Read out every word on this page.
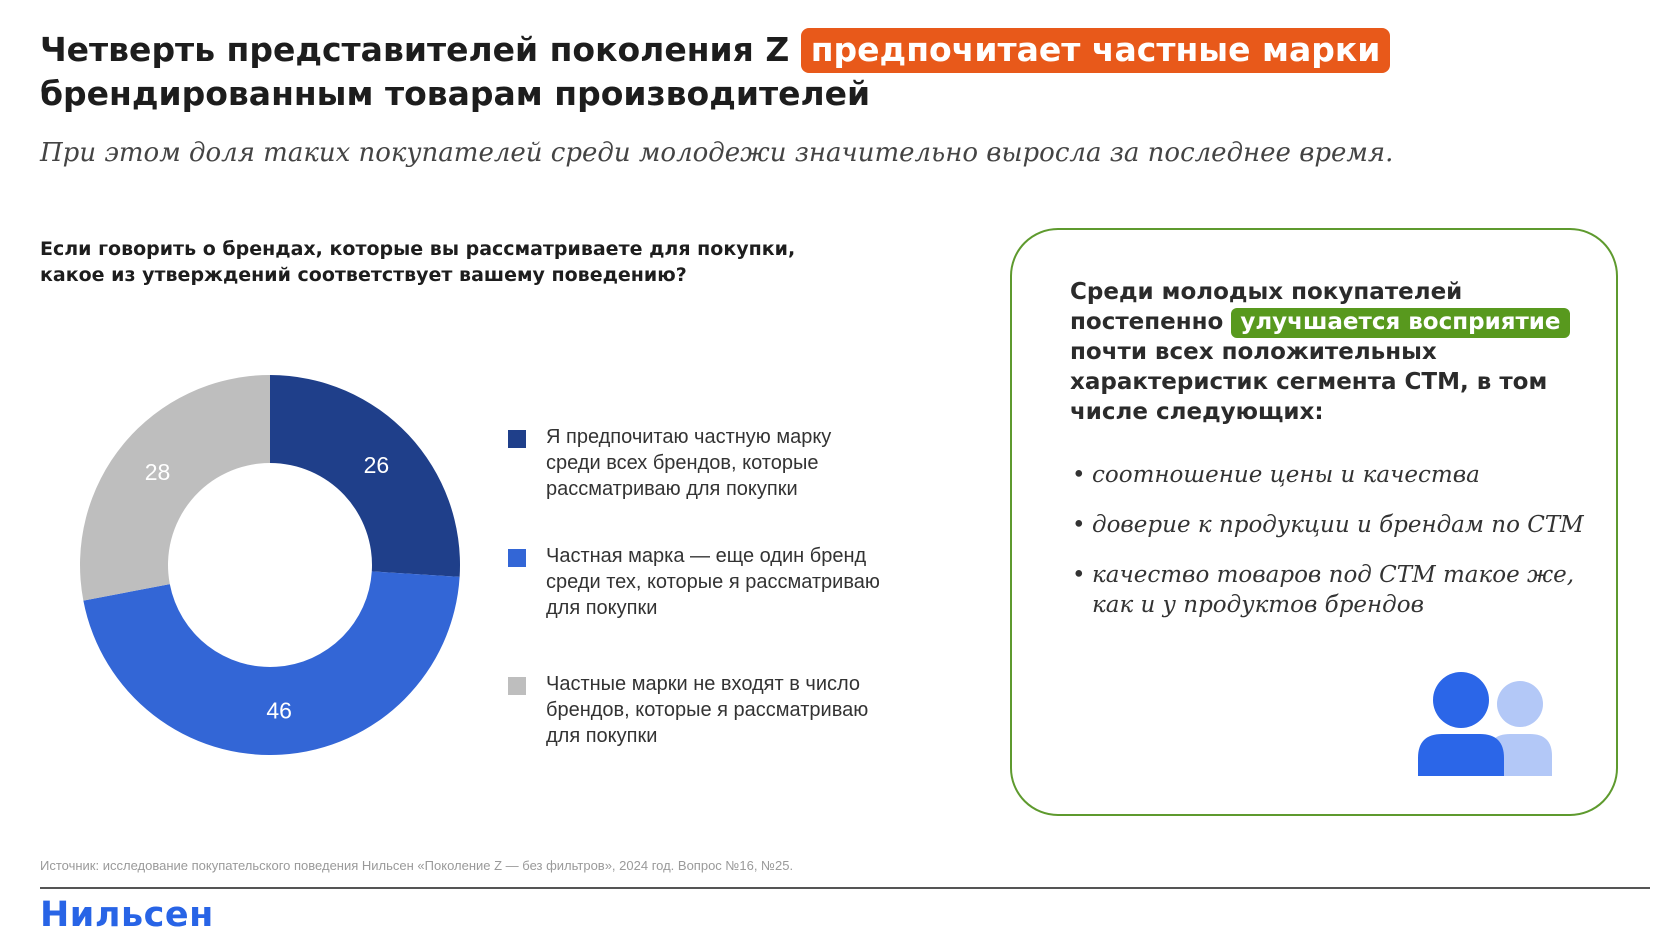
Четверть представителей поколения Z предпочитает частные марки брендированным товарам производителей
При этом доля таких покупателей среди молодежи значительно выросла за последнее время.
Если говорить о брендах, которые вы рассматриваете для покупки, какое из утверждений соответствует вашему поведению?
26
46
28
Я предпочитаю частную марку среди всех брендов, которые рассматриваю для покупки
Частная марка — еще один бренд среди тех, которые я рассматриваю для покупки
Частные марки не входят в число брендов, которые я рассматриваю для покупки
Среди молодых покупателей постепенно улучшается восприятие почти всех положительных характеристик сегмента СТМ, в том числе следующих:
• соотношение цены и качества
• доверие к продукции и брендам по СТМ
• качество товаров под СТМ такое же, как и у продуктов брендов
Источник: исследование покупательского поведения Нильсен «Поколение Z — без фильтров», 2024 год. Вопрос №16, №25.
Нильсен
